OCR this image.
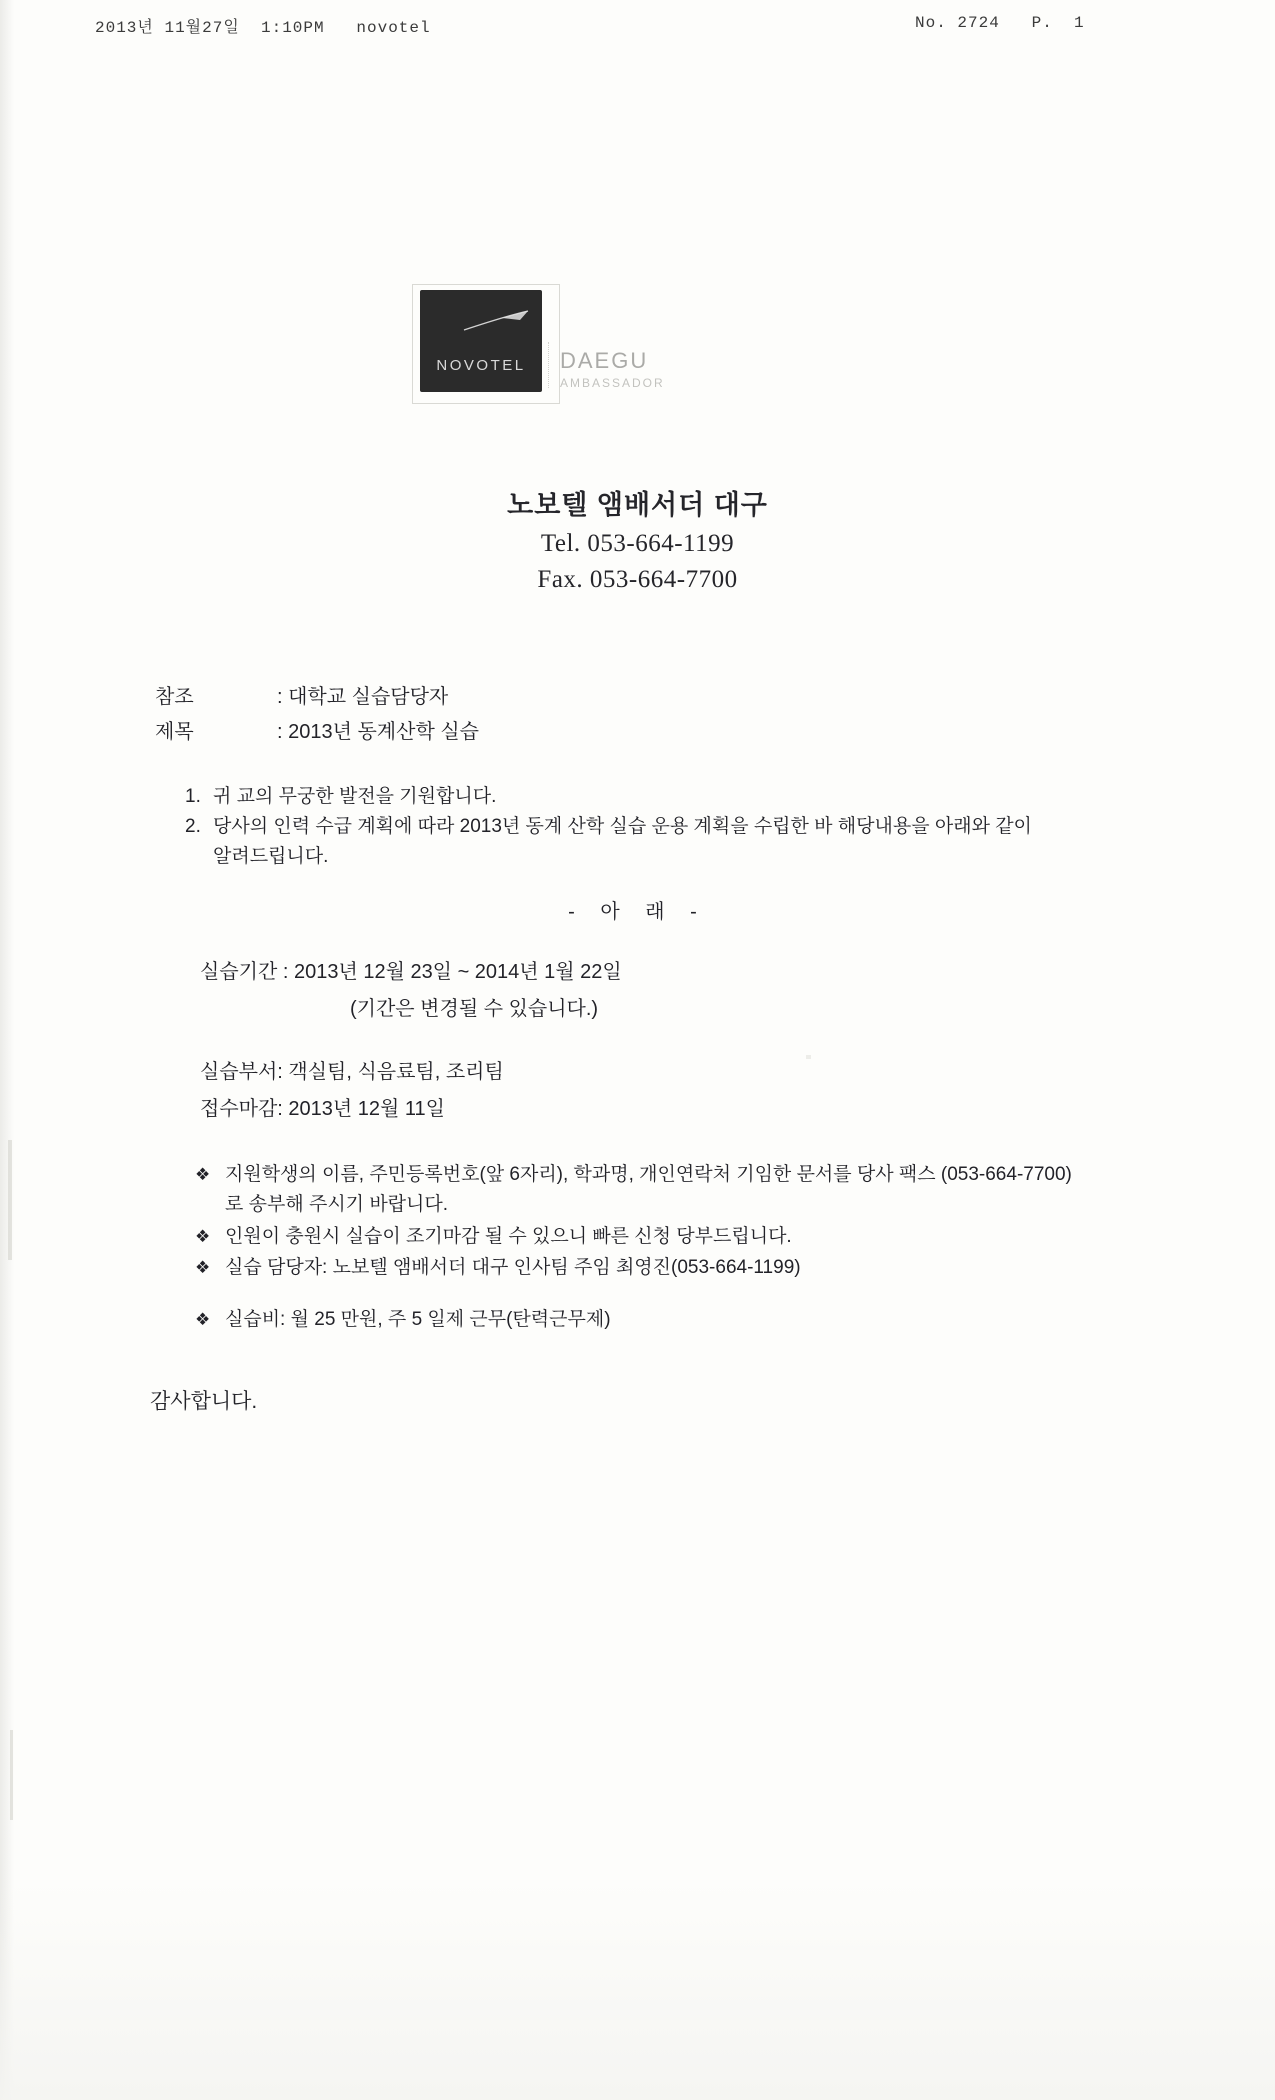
2013년 11월27일  1:10PM   novotel	No. 2724   P.  1
NOVOTEL	DAEGU
AMBASSADOR
노보텔 앰배서더 대구
Tel. 053-664-1199
Fax. 053-664-7700
참조	: 대학교 실습담당자
제목	: 2013년 동계산학 실습
1. 귀 교의 무궁한 발전을 기원합니다.
2. 당사의 인력 수급 계획에 따라 2013년 동계 산학 실습 운용 계획을 수립한 바 해당내용을 아래와 같이 알려드립니다.
- 아 래 -
실습기간 : 2013년 12월 23일 ~ 2014년 1월 22일
(기간은 변경될 수 있습니다.)
실습부서: 객실팀, 식음료팀, 조리팀
접수마감: 2013년 12월 11일
❖ 지원학생의 이름, 주민등록번호(앞 6자리), 학과명, 개인연락처 기임한 문서를 당사 팩스 (053-664-7700)로 송부해 주시기 바랍니다.
❖ 인원이 충원시 실습이 조기마감 될 수 있으니 빠른 신청 당부드립니다.
❖ 실습 담당자: 노보텔 앰배서더 대구 인사팀 주임 최영진(053-664-1199)
❖ 실습비: 월 25 만원, 주 5 일제 근무(탄력근무제)
감사합니다.
